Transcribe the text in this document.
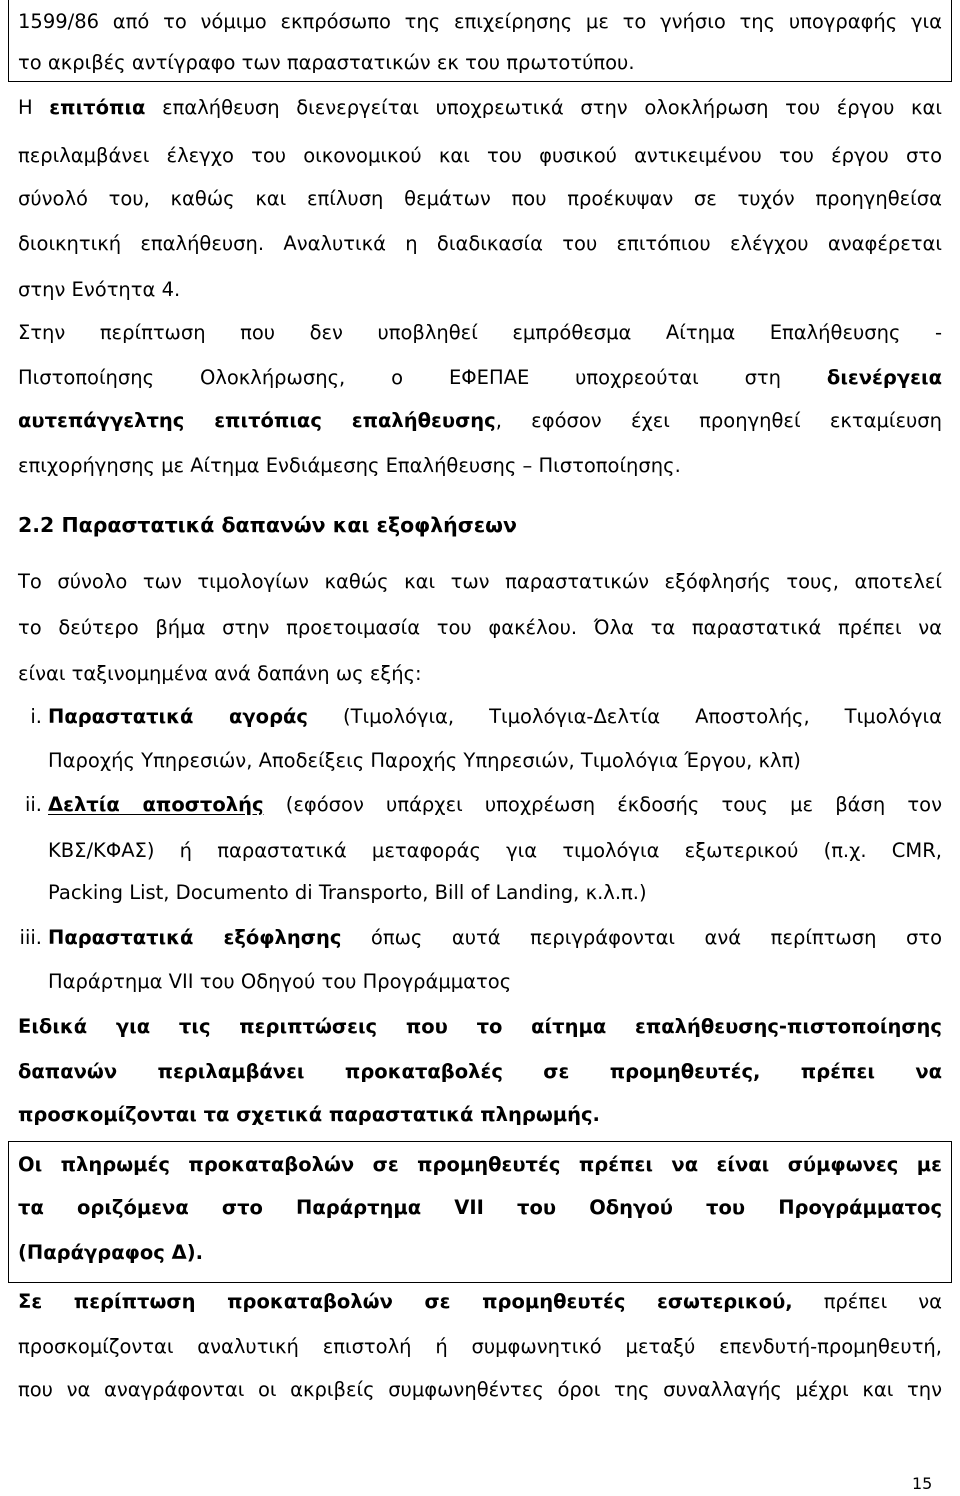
1599/86 από το νόμιμο εκπρόσωπο της επιχείρησης με το γνήσιο της υπογραφής για
το ακριβές αντίγραφο των παραστατικών εκ του πρωτοτύπου.
Η επιτόπια επαλήθευση διενεργείται υποχρεωτικά στην ολοκλήρωση του έργου και
περιλαμβάνει έλεγχο του οικονομικού και του φυσικού αντικειμένου του έργου στο
σύνολό του, καθώς και επίλυση θεμάτων που προέκυψαν σε τυχόν προηγηθείσα
διοικητική επαλήθευση. Αναλυτικά η διαδικασία του επιτόπιου ελέγχου αναφέρεται
στην Ενότητα 4.
Στην περίπτωση που δεν υποβληθεί εμπρόθεσμα Αίτημα Επαλήθευσης -
Πιστοποίησης Ολοκλήρωσης, ο ΕΦΕΠΑΕ υποχρεούται στη διενέργεια
αυτεπάγγελτης επιτόπιας επαλήθευσης, εφόσον έχει προηγηθεί εκταμίευση
επιχορήγησης με Αίτημα Ενδιάμεσης Επαλήθευσης – Πιστοποίησης.
2.2 Παραστατικά δαπανών και εξοφλήσεων
Το σύνολο των τιμολογίων καθώς και των παραστατικών εξόφλησής τους, αποτελεί
το δεύτερο βήμα στην προετοιμασία του φακέλου. Όλα τα παραστατικά πρέπει να
είναι ταξινομημένα ανά δαπάνη ως εξής:
i. Παραστατικά αγοράς (Τιμολόγια, Τιμολόγια-Δελτία Αποστολής, Τιμολόγια
Παροχής Υπηρεσιών, Αποδείξεις Παροχής Υπηρεσιών, Τιμολόγια Έργου, κλπ)
ii. Δελτία αποστολής (εφόσον υπάρχει υποχρέωση έκδοσής τους με βάση τον
ΚΒΣ/ΚΦΑΣ) ή παραστατικά μεταφοράς για τιμολόγια εξωτερικού (π.χ. CMR,
Packing List, Documento di Transporto, Bill of Landing, κ.λ.π.)
iii. Παραστατικά εξόφλησης όπως αυτά περιγράφονται ανά περίπτωση στο
Παράρτημα VII του Οδηγού του Προγράμματος
Ειδικά για τις περιπτώσεις που το αίτημα επαλήθευσης-πιστοποίησης
δαπανών περιλαμβάνει προκαταβολές σε προμηθευτές, πρέπει να
προσκομίζονται τα σχετικά παραστατικά πληρωμής.
Οι πληρωμές προκαταβολών σε προμηθευτές πρέπει να είναι σύμφωνες με
τα οριζόμενα στο Παράρτημα VII του Οδηγού του Προγράμματος
(Παράγραφος Δ).
Σε περίπτωση προκαταβολών σε προμηθευτές εσωτερικού, πρέπει να
προσκομίζονται αναλυτική επιστολή ή συμφωνητικό μεταξύ επενδυτή-προμηθευτή,
που να αναγράφονται οι ακριβείς συμφωνηθέντες όροι της συναλλαγής μέχρι και την
15
